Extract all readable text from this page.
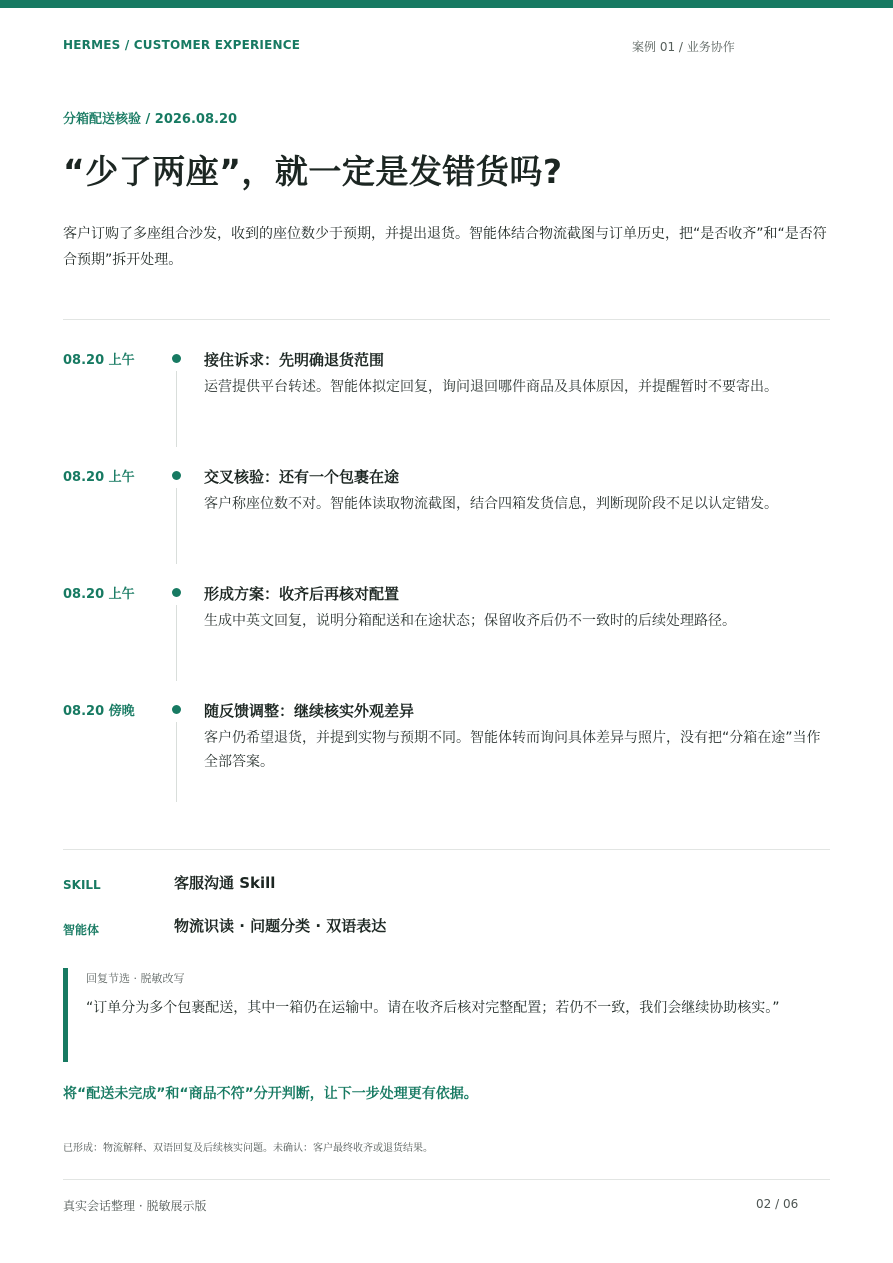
HERMES / CUSTOMER EXPERIENCE	案例 01 / 业务协作
分箱配送核验 / 2026.08.20
“少了两座”，就一定是发错货吗?

客户订购了多座组合沙发，收到的座位数少于预期，并提出退货。智能体结合物流截图与订单历史，把“是否收齐”和“是否符合预期”拆开处理。

08.20 上午	接住诉求：先明确退货范围
运营提供平台转述。智能体拟定回复，询问退回哪件商品及具体原因，并提醒暂时不要寄出。
08.20 上午	交叉核验：还有一个包裹在途
客户称座位数不对。智能体读取物流截图，结合四箱发货信息，判断现阶段不足以认定错发。
08.20 上午	形成方案：收齐后再核对配置
生成中英文回复，说明分箱配送和在途状态；保留收齐后仍不一致时的后续处理路径。
08.20 傍晚	随反馈调整：继续核实外观差异
客户仍希望退货，并提到实物与预期不同。智能体转而询问具体差异与照片，没有把“分箱在途”当作全部答案。
SKILL	客服沟通 Skill
智能体	物流识读 · 问题分类 · 双语表达
回复节选 · 脱敏改写
“订单分为多个包裹配送，其中一箱仍在运输中。请在收齐后核对完整配置；若仍不一致，我们会继续协助核实。”
将“配送未完成”和“商品不符”分开判断，让下一步处理更有依据。
已形成：物流解释、双语回复及后续核实问题。未确认：客户最终收齐或退货结果。
真实会话整理 · 脱敏展示版	02 / 06
